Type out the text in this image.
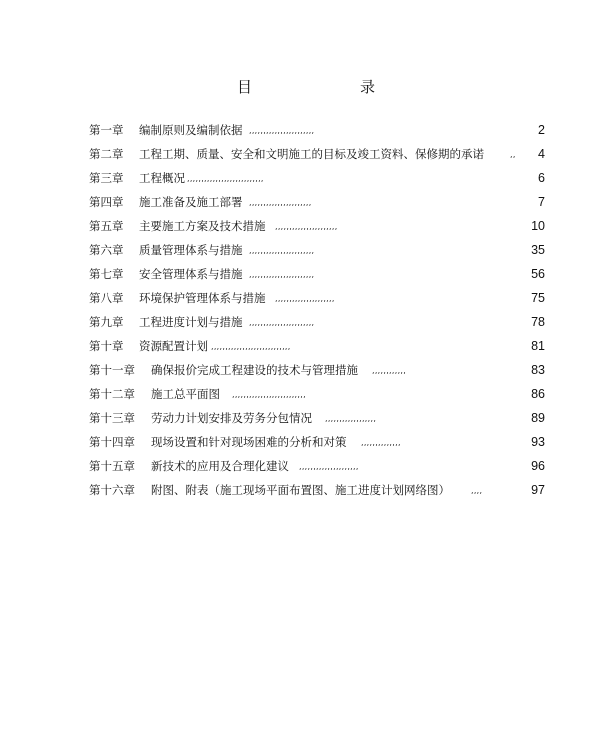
目　　录
第一章 编制原则及编制依据 ,,,,,,,,,,,,,,,,,,,,,,,	2
第二章 工程工期、质量、安全和文明施工的目标及竣工资料、保修期的承诺	,, 4
第三章 工程概况 ,,,,,,,,,,,,,,,,,,,,,,,,,,,	6
第四章 施工准备及施工部署 ,,,,,,,,,,,,,,,,,,,,,,	7
第五章 主要施工方案及技术措施 ,,,,,,,,,,,,,,,,,,,,,,	10
第六章 质量管理体系与措施 ,,,,,,,,,,,,,,,,,,,,,,,	35
第七章 安全管理体系与措施 ,,,,,,,,,,,,,,,,,,,,,,,	56
第八章 环境保护管理体系与措施 ,,,,,,,,,,,,,,,,,,,,,	75
第九章 工程进度计划与措施 ,,,,,,,,,,,,,,,,,,,,,,,	78
第十章 资源配置计划 ,,,,,,,,,,,,,,,,,,,,,,,,,,,,	81
第十一章 确保报价完成工程建设的技术与管理措施 ,,,,,,,,,,,,	83
第十二章 施工总平面图 ,,,,,,,,,,,,,,,,,,,,,,,,,,	86
第十三章 劳动力计划安排及劳务分包情况 ,,,,,,,,,,,,,,,,,,	89
第十四章 现场设置和针对现场困难的分析和对策 ,,,,,,,,,,,,,,	93
第十五章 新技术的应用及合理化建议 ,,,,,,,,,,,,,,,,,,,,,	96
第十六章 附图、附表（施工现场平面布置图、施工进度计划网络图）	,,,,	97
